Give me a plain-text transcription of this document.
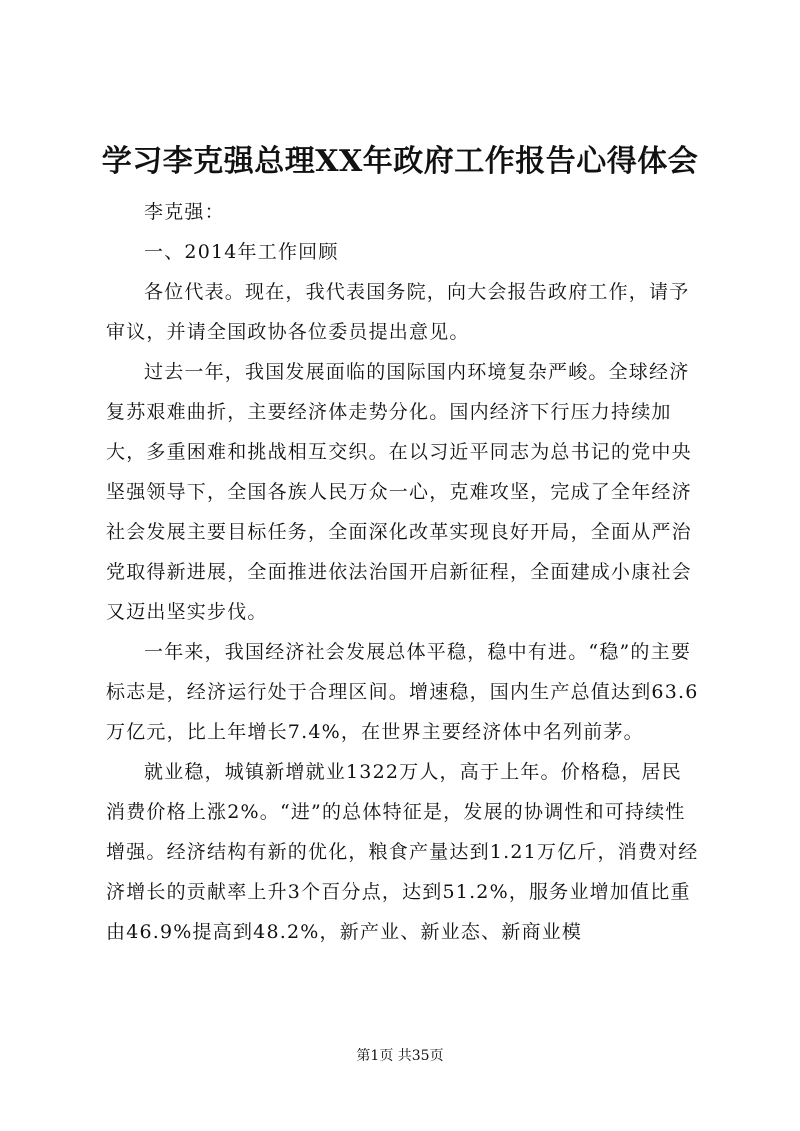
学习李克强总理XX年政府工作报告心得体会

李克强：

一、2014年工作回顾

各位代表。现在，我代表国务院，向大会报告政府工作，请予审议，并请全国政协各位委员提出意见。

过去一年，我国发展面临的国际国内环境复杂严峻。全球经济复苏艰难曲折，主要经济体走势分化。国内经济下行压力持续加大，多重困难和挑战相互交织。在以习近平同志为总书记的党中央坚强领导下，全国各族人民万众一心，克难攻坚，完成了全年经济社会发展主要目标任务，全面深化改革实现良好开局，全面从严治党取得新进展，全面推进依法治国开启新征程，全面建成小康社会又迈出坚实步伐。

一年来，我国经济社会发展总体平稳，稳中有进。“稳”的主要标志是，经济运行处于合理区间。增速稳，国内生产总值达到63.6万亿元，比上年增长7.4%，在世界主要经济体中名列前茅。

就业稳，城镇新增就业1322万人，高于上年。价格稳，居民消费价格上涨2%。“进”的总体特征是，发展的协调性和可持续性增强。经济结构有新的优化，粮食产量达到1.21万亿斤，消费对经济增长的贡献率上升3个百分点，达到51.2%，服务业增加值比重由46.9%提高到48.2%，新产业、新业态、新商业模

第1页 共35页
